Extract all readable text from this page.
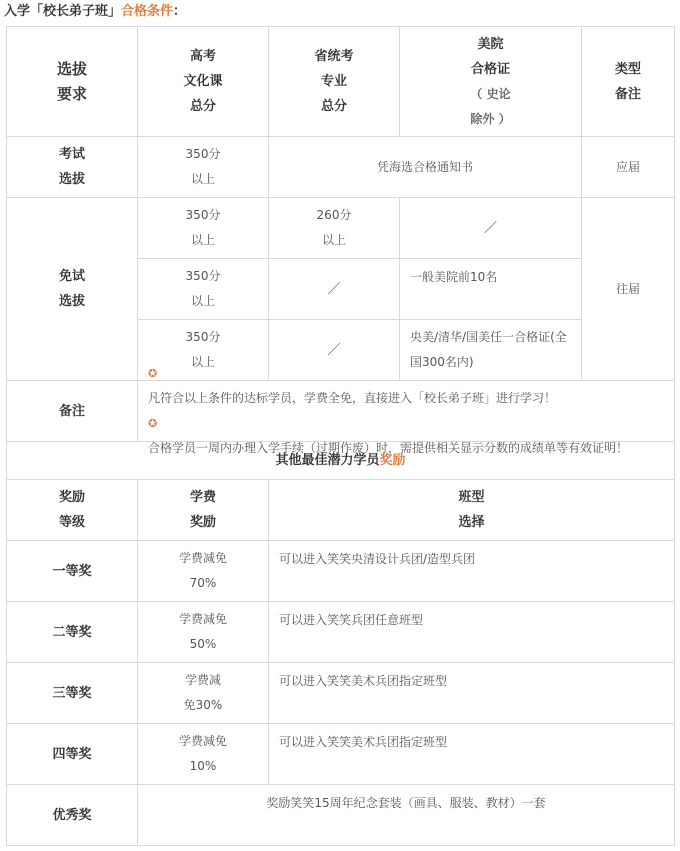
入学「校长弟子班」合格条件：
选拔
要求
高考
文化课
总分
省统考
专业
总分
美院
合格证
（ 史论
除外 ）
类型
备注
考试
选拔
350分
以上
凭海选合格通知书	应届
免试
选拔
往届
350分
以上
260分
以上
／
350分
以上
／
一般美院前10名
350分
以上
／
央美/清华/国美任一合格证(全国300名内)
备注
✪
凡符合以上条件的达标学员，学费全免，直接进入「校长弟子班」进行学习！
✪
合格学员一周内办理入学手续（过期作废）时，需提供相关显示分数的成绩单等有效证明！
其他最佳潜力学员 奖励
奖励
等级
学费
奖励
班型
选择
一等奖
学费减免
70%
可以进入笑笑央清设计兵团/造型兵团
二等奖
学费减免
50%
可以进入笑笑兵团任意班型
三等奖
学费减
免30%
可以进入笑笑美术兵团指定班型
四等奖
学费减免
10%
可以进入笑笑美术兵团指定班型
优秀奖
奖励笑笑15周年纪念套装（画具、服装、教材）一套
